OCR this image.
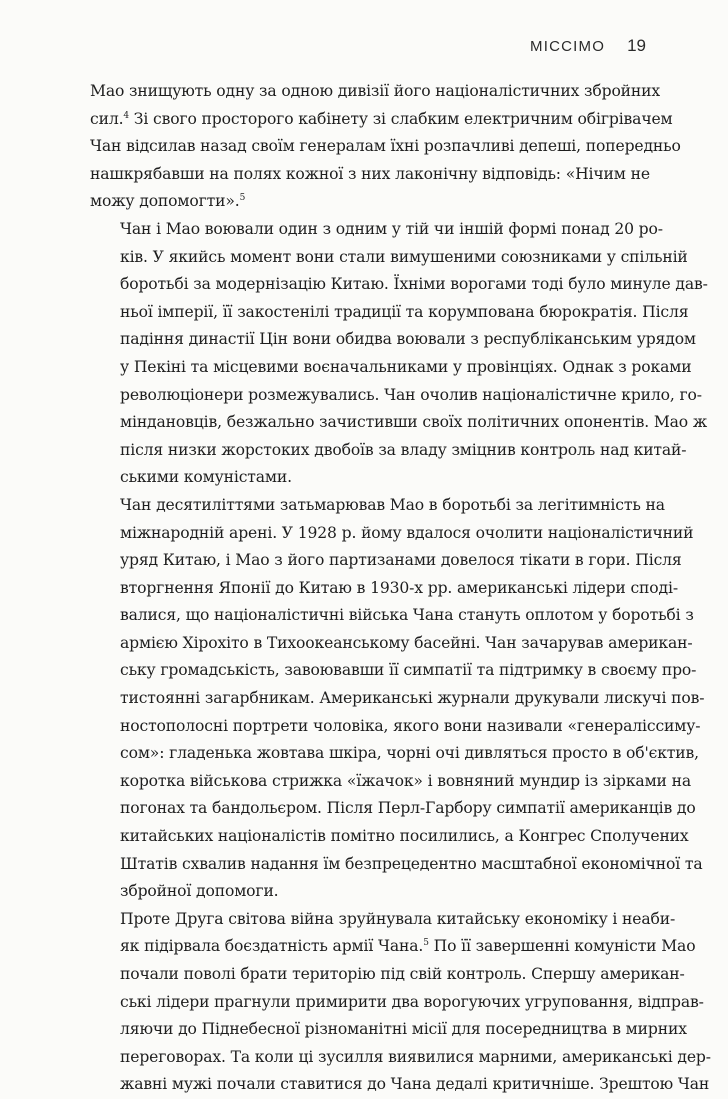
МІССІМО 19

Мао знищують одну за одною дивізії його націоналістичних збройних
сил.$^4$ Зі свого просторого кабінету зі слабким електричним обігрівачем
Чан відсилав назад своїм генералам їхні розпачливі депеші, попередньо
нашкрябавши на полях кожної з них лаконічну відповідь: «Нічим не
можу допомогти».$^5$

Чан і Мао воювали один з одним у тій чи іншій формі понад 20 ро-
ків. У якийсь момент вони стали вимушеними союзниками у спільній
боротьбі за модернізацію Китаю. Їхніми ворогами тоді було минуле дав-
ньої імперії, її закостенілі традиції та корумпована бюрократія. Після
падіння династії Цін вони обидва воювали з республіканським урядом
у Пекіні та місцевими воєначальниками у провінціях. Однак з роками
революціонери розмежувались. Чан очолив націоналістичне крило, го-
міндановців, безжально зачистивши своїх політичних опонентів. Мао ж
після низки жорстоких двобоїв за владу зміцнив контроль над китай-
ськими комуністами.

Чан десятиліттями затьмарював Мао в боротьбі за легітимність на
міжнародній арені. У 1928 р. йому вдалося очолити націоналістичний
уряд Китаю, і Мао з його партизанами довелося тікати в гори. Після
вторгнення Японії до Китаю в 1930-х рр. американські лідери споді-
валися, що націоналістичні війська Чана стануть оплотом у боротьбі з
армією Хірохіто в Тихоокеанському басейні. Чан зачарував американ-
ську громадськість, завоювавши її симпатії та підтримку в своєму про-
тистоянні загарбникам. Американські журнали друкували лискучі пов-
ностополосні портрети чоловіка, якого вони називали «генераліссиму-
сом»: гладенька жовтава шкіра, чорні очі дивляться просто в об'єктив,
коротка військова стрижка «їжачок» і вовняний мундир із зірками на
погонах та бандольєром. Після Перл-Гарбору симпатії американців до
китайських націоналістів помітно посилились, а Конгрес Сполучених
Штатів схвалив надання їм безпрецедентно масштабної економічної та
збройної допомоги.

Проте Друга світова війна зруйнувала китайську економіку і неаби-
як підірвала боєздатність армії Чана.$^5$ По її завершенні комуністи Мао
почали поволі брати територію під свій контроль. Спершу американ-
ські лідери прагнули примирити два ворогуючих угруповання, відправ-
ляючи до Піднебесної різноманітні місії для посередництва в мирних
переговорах. Та коли ці зусилля виявилися марними, американські дер-
жавні мужі почали ставитися до Чана дедалі критичніше. Зрештою Чан
